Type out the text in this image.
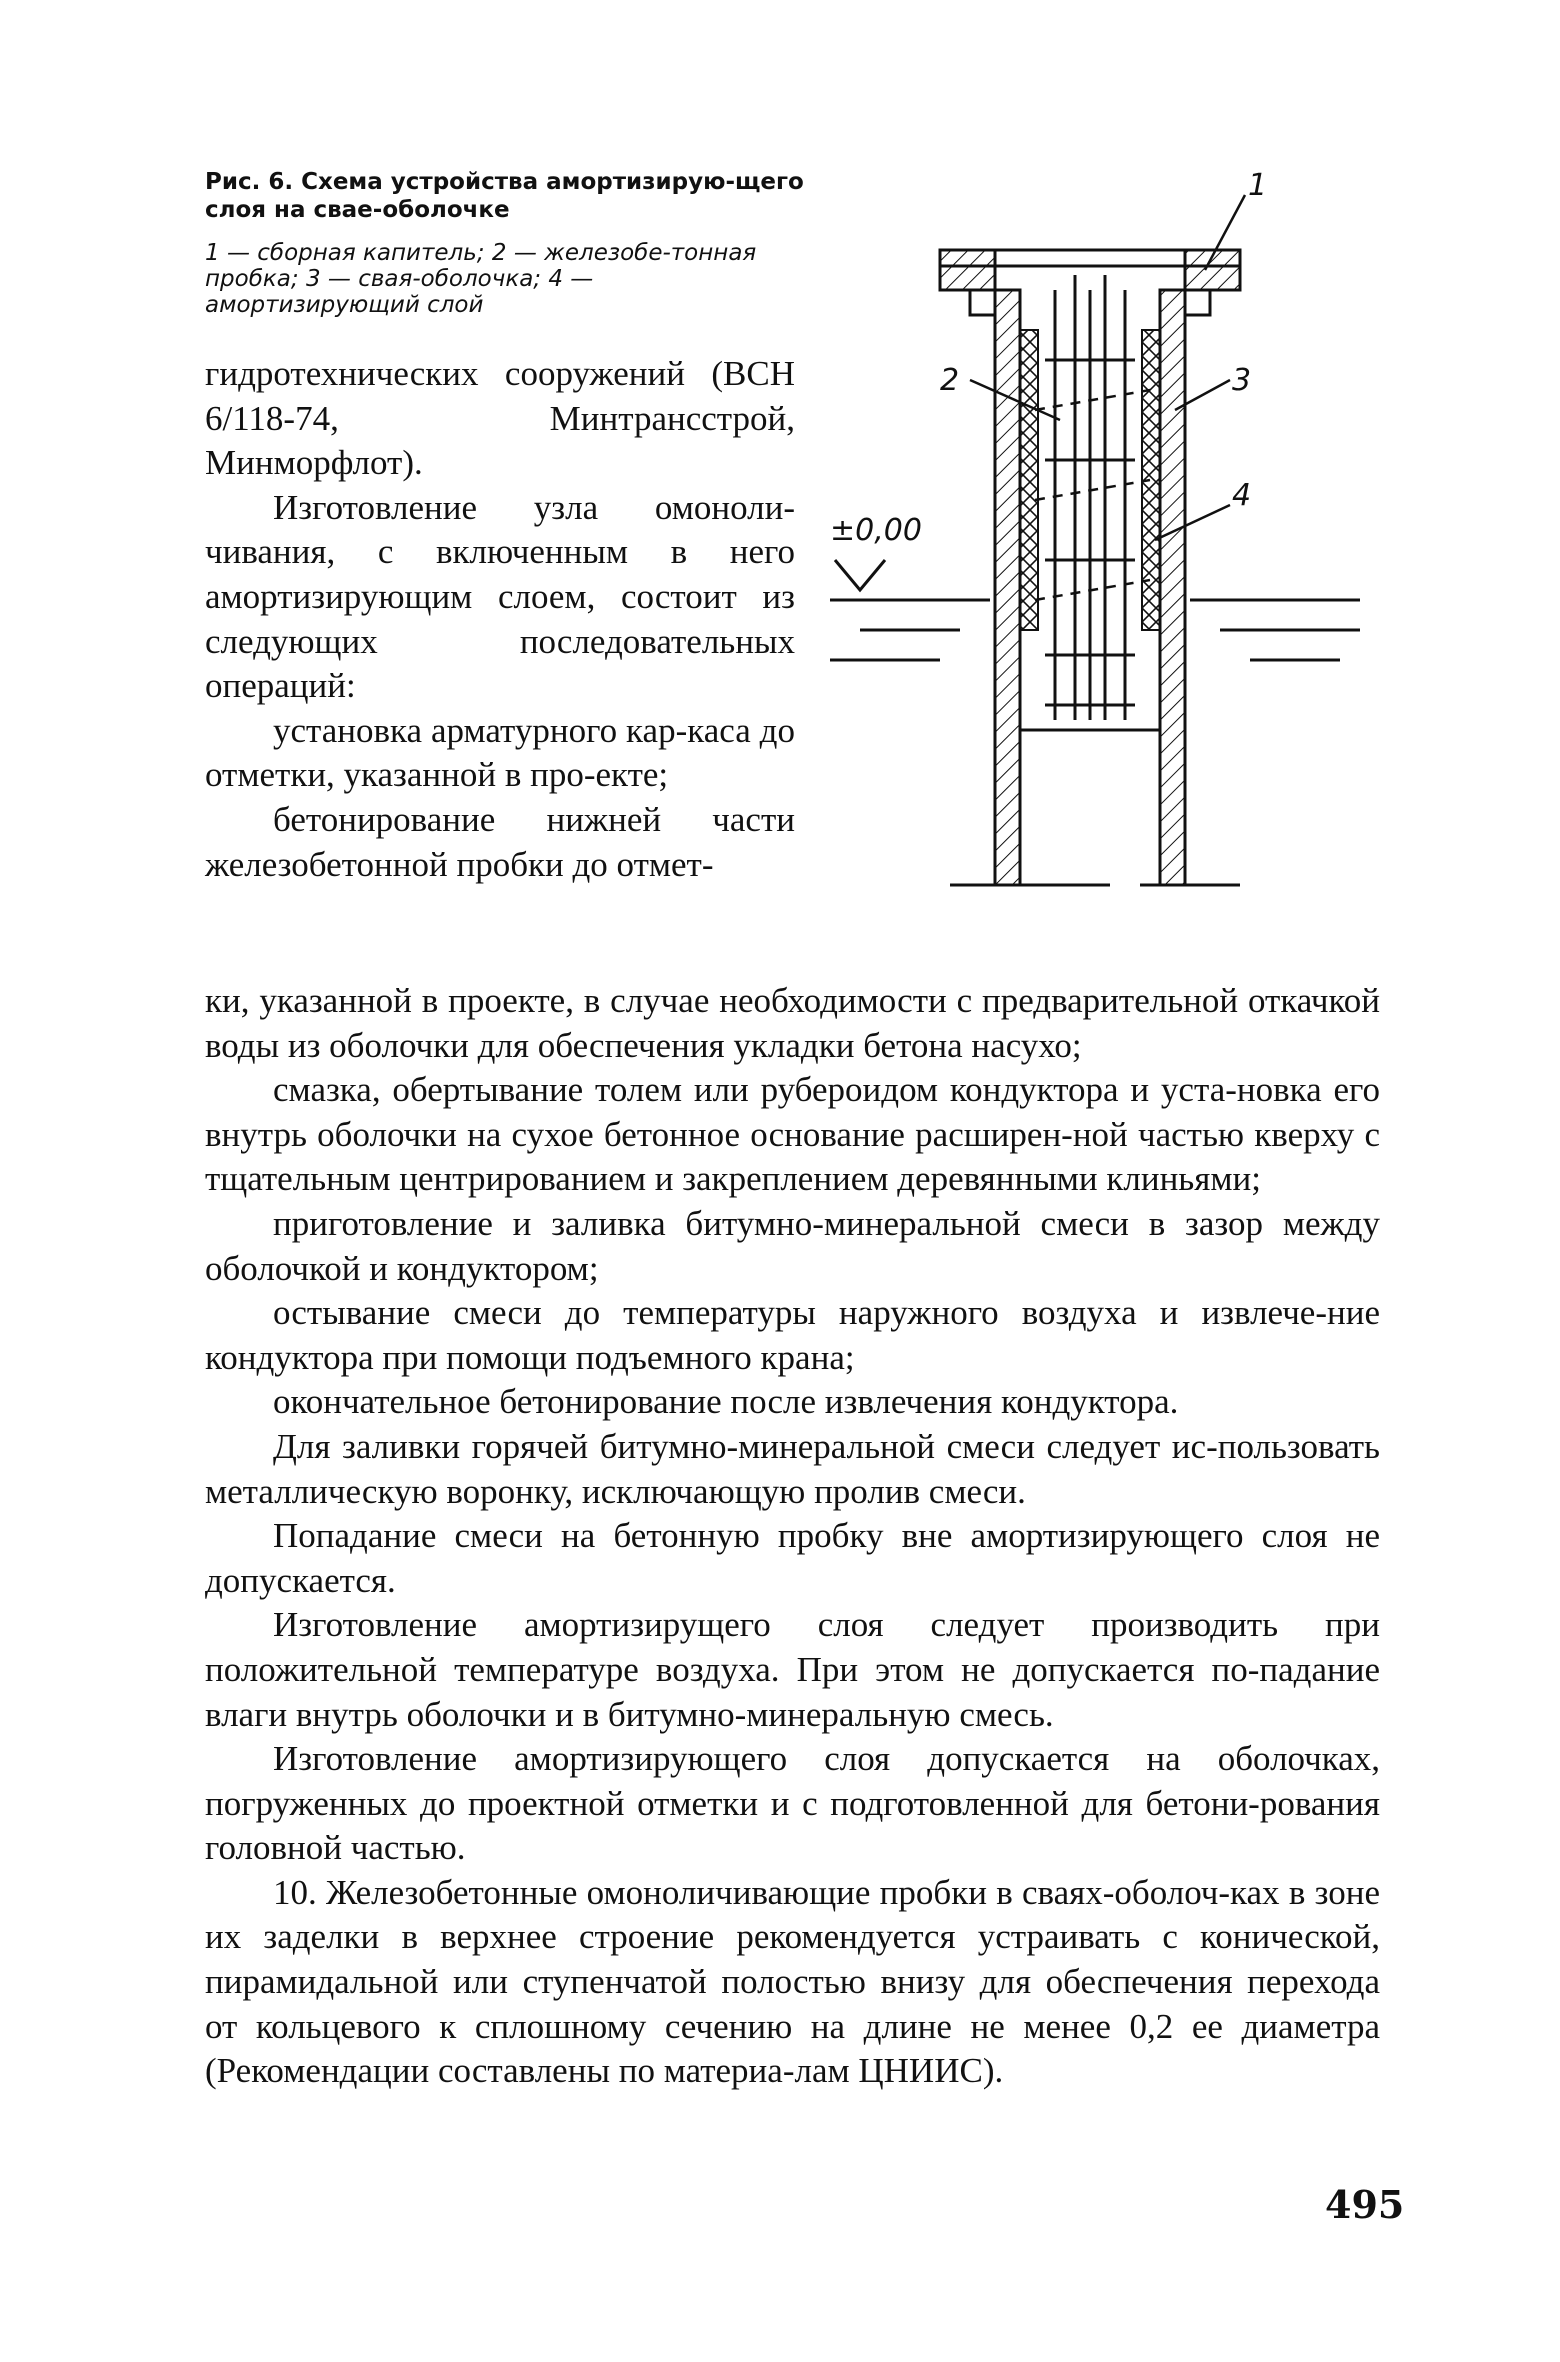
Рис. 6. Схема устройства амортизирую-щего слоя на сваe-оболочке

1 — сборная капитель; 2 — железобе-тонная пробка; 3 — свая-оболочка; 4 — амортизирующий слой

1
2	3
4
±0,00

гидротехнических сооружений (ВСН 6/118-74, Минтрансстрой, Минморфлот).

Изготовление узла омоноли-чивания, с включенным в него амортизирующим слоем, состоит из следующих последовательных операций:

установка арматурного кар-каса до отметки, указанной в про-екте;

бетонирование нижней части железобетонной пробки до отмет-

ки, указанной в проекте, в случае необходимости с предварительной откачкой воды из оболочки для обеспечения укладки бетона насухо;

смазка, обертывание толем или рубероидом кондуктора и уста-новка его внутрь оболочки на сухое бетонное основание расширен-ной частью кверху с тщательным центрированием и закреплением деревянными клиньями;

приготовление и заливка битумно-минеральной смеси в зазор между оболочкой и кондуктором;

остывание смеси до температуры наружного воздуха и извлече-ние кондуктора при помощи подъемного крана;

окончательное бетонирование после извлечения кондуктора.

Для заливки горячей битумно-минеральной смеси следует ис-пользовать металлическую воронку, исключающую пролив смеси.

Попадание смеси на бетонную пробку вне амортизирующего слоя не допускается.

Изготовление амортизирущего слоя следует производить при положительной температуре воздуха. При этом не допускается по-падание влаги внутрь оболочки и в битумно-минеральную смесь.

Изготовление амортизирующего слоя допускается на оболочках, погруженных до проектной отметки и с подготовленной для бетони-рования головной частью.

10. Железобетонные омоноличивающие пробки в сваях-оболоч-ках в зоне их заделки в верхнее строение рекомендуется устраивать с конической, пирамидальной или ступенчатой полостью внизу для обеспечения перехода от кольцевого к сплошному сечению на длине не менее 0,2 ее диаметра (Рекомендации составлены по материа-лам ЦНИИС).

495
